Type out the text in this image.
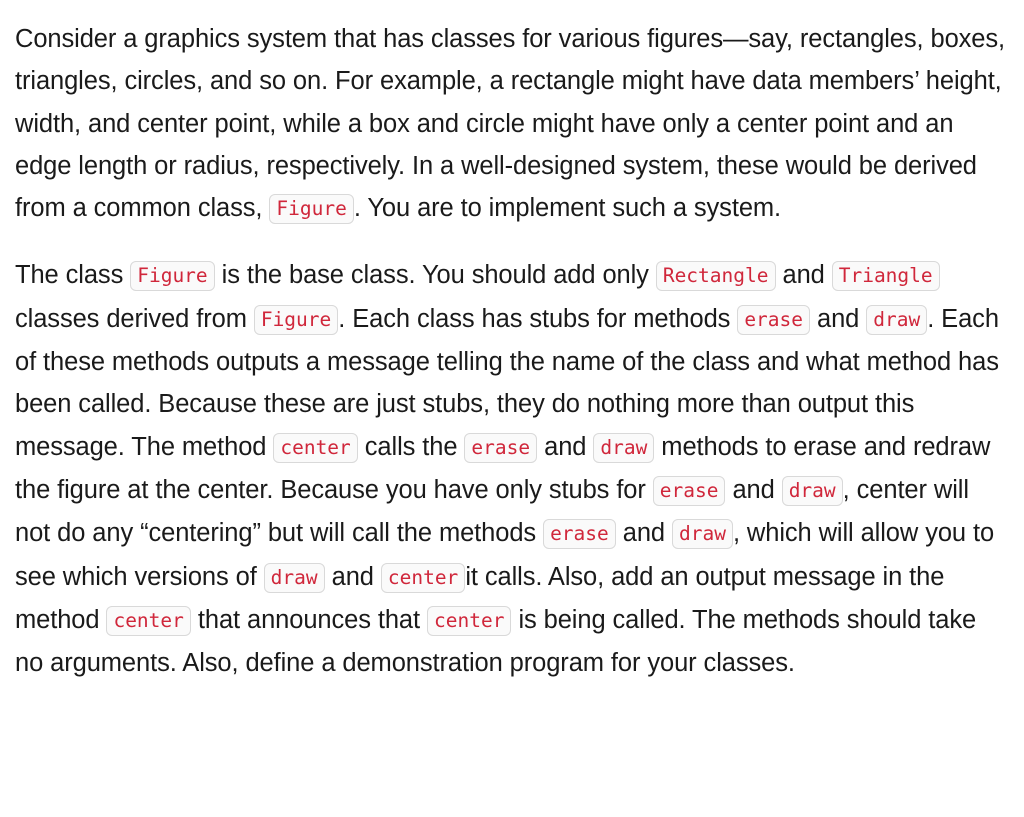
Consider a graphics system that has classes for various figures—say, rectangles, boxes, triangles, circles, and so on. For example, a rectangle might have data members’ height, width, and center point, while a box and circle might have only a center point and an edge length or radius, respectively. In a well-designed system, these would be derived from a common class, Figure . You are to implement such a system.

The class Figure is the base class. You should add only Rectangle and Triangle classes derived from Figure . Each class has stubs for methods erase and draw . Each of these methods outputs a message telling the name of the class and what method has been called. Because these are just stubs, they do nothing more than output this message. The method center calls the erase and draw methods to erase and redraw the figure at the center. Because you have only stubs for erase and draw , center will not do any “centering” but will call the methods erase and draw , which will allow you to see which versions of draw and center it calls. Also, add an output message in the method center that announces that center is being called. The methods should take no arguments. Also, define a demonstration program for your classes.
